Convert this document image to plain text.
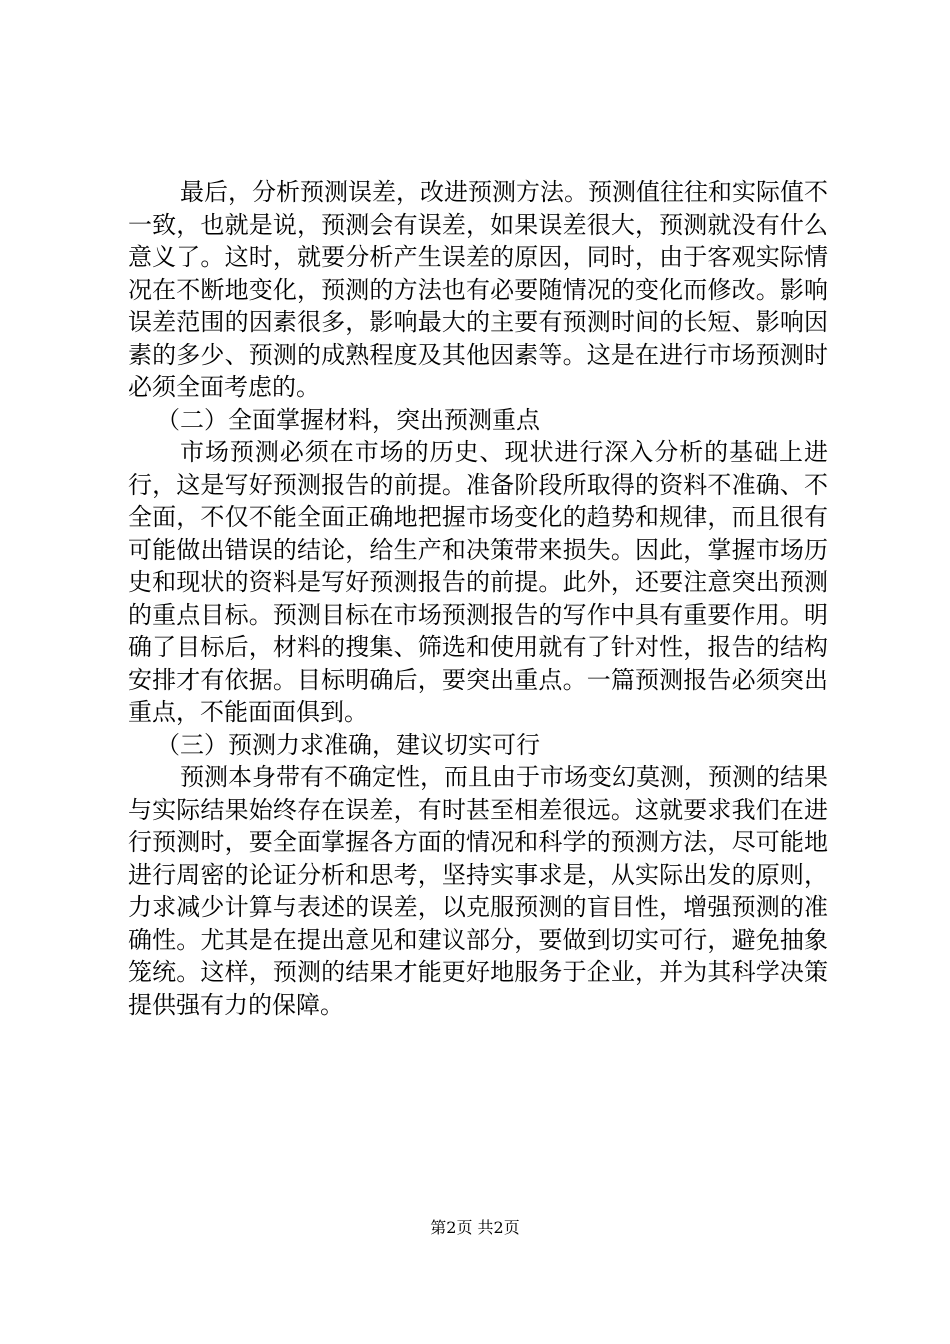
最后，分析预测误差，改进预测方法。预测值往往和实际值不一致，也就是说，预测会有误差，如果误差很大，预测就没有什么意义了。这时，就要分析产生误差的原因，同时，由于客观实际情况在不断地变化，预测的方法也有必要随情况的变化而修改。影响误差范围的因素很多，影响最大的主要有预测时间的长短、影响因素的多少、预测的成熟程度及其他因素等。这是在进行市场预测时必须全面考虑的。

（二）全面掌握材料，突出预测重点

市场预测必须在市场的历史、现状进行深入分析的基础上进行，这是写好预测报告的前提。准备阶段所取得的资料不准确、不全面，不仅不能全面正确地把握市场变化的趋势和规律，而且很有可能做出错误的结论，给生产和决策带来损失。因此，掌握市场历史和现状的资料是写好预测报告的前提。此外，还要注意突出预测的重点目标。预测目标在市场预测报告的写作中具有重要作用。明确了目标后，材料的搜集、筛选和使用就有了针对性，报告的结构安排才有依据。目标明确后，要突出重点。一篇预测报告必须突出重点，不能面面俱到。

（三）预测力求准确，建议切实可行

预测本身带有不确定性，而且由于市场变幻莫测，预测的结果与实际结果始终存在误差，有时甚至相差很远。这就要求我们在进行预测时，要全面掌握各方面的情况和科学的预测方法，尽可能地进行周密的论证分析和思考，坚持实事求是，从实际出发的原则，力求减少计算与表述的误差，以克服预测的盲目性，增强预测的准确性。尤其是在提出意见和建议部分，要做到切实可行，避免抽象笼统。这样，预测的结果才能更好地服务于企业，并为其科学决策提供强有力的保障。

第2页 共2页
